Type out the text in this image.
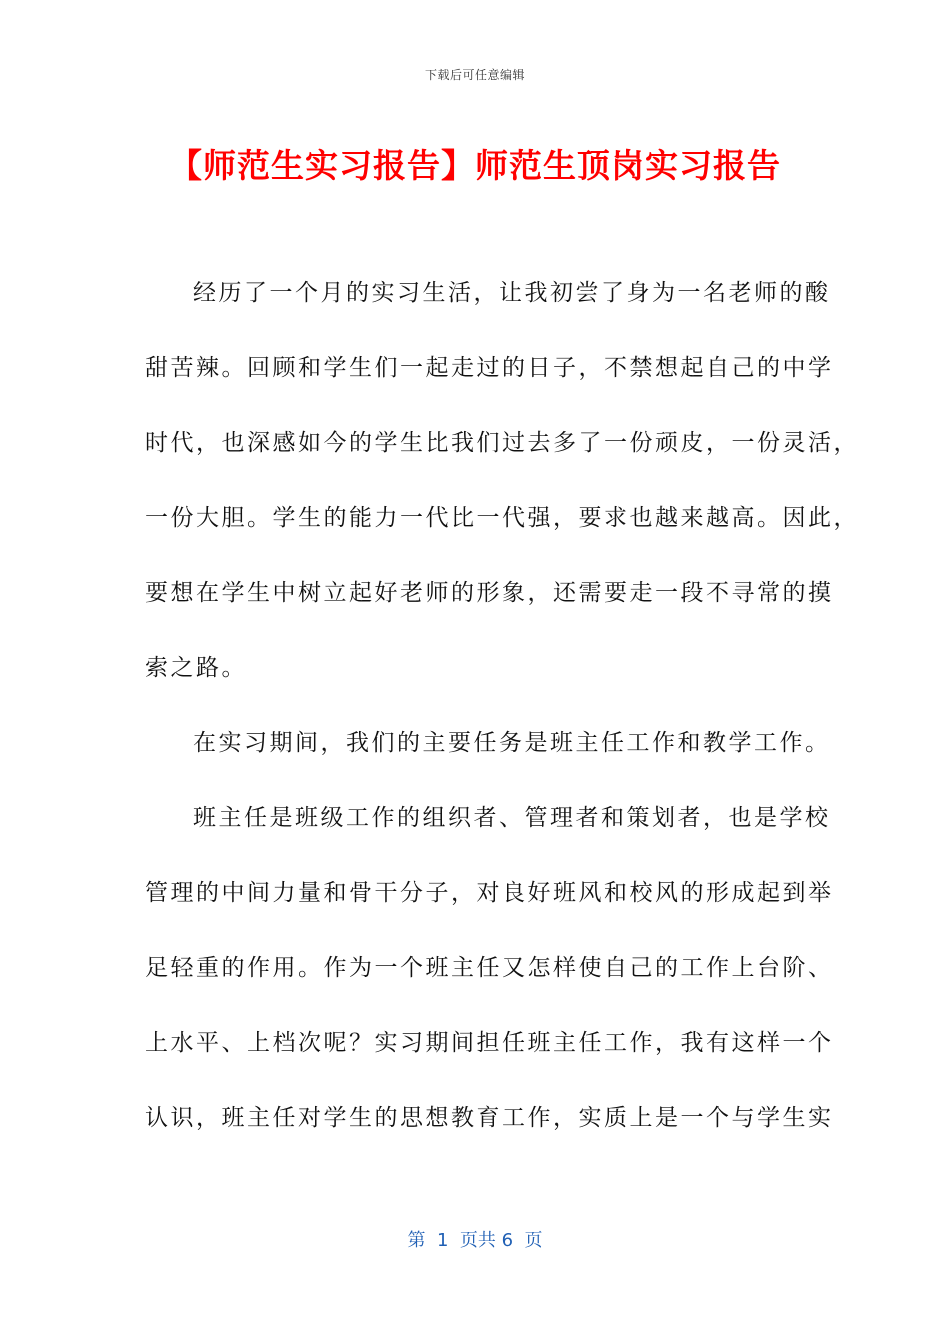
下载后可任意编辑
【师范生实习报告】师范生顶岗实习报告
经历了一个月的实习生活，让我初尝了身为一名老师的酸
甜苦辣。回顾和学生们一起走过的日子，不禁想起自己的中学
时代，也深感如今的学生比我们过去多了一份顽皮，一份灵活，
一份大胆。学生的能力一代比一代强，要求也越来越高。因此，
要想在学生中树立起好老师的形象，还需要走一段不寻常的摸
索之路。
在实习期间，我们的主要任务是班主任工作和教学工作。
班主任是班级工作的组织者、管理者和策划者，也是学校
管理的中间力量和骨干分子，对良好班风和校风的形成起到举
足轻重的作用。作为一个班主任又怎样使自己的工作上台阶、
上水平、上档次呢？实习期间担任班主任工作，我有这样一个
认识，班主任对学生的思想教育工作，实质上是一个与学生实
第  1  页共 6  页
